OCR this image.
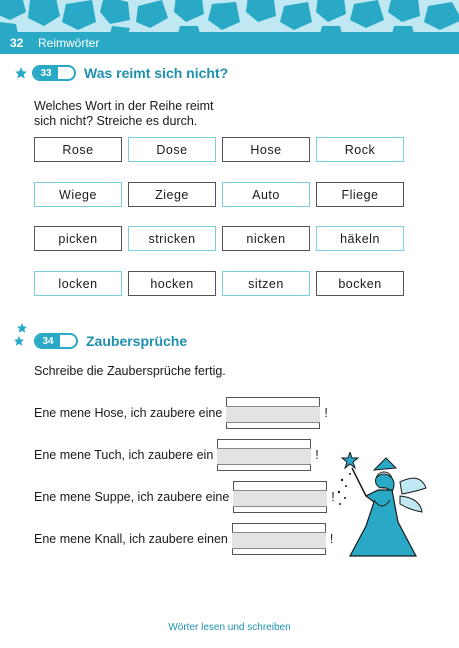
32	Reimwörter
33	Was reimt sich nicht?
Welches Wort in der Reihe reimt
sich nicht? Streiche es durch.
Rose	Dose	Hose	Rock
Wiege	Ziege	Auto	Fliege
picken	stricken	nicken	häkeln
locken	hocken	sitzen	bocken
34	Zaubersprüche
Schreibe die Zaubersprüche fertig.
Ene mene Hose, ich zaubere eine	!
Ene mene Tuch, ich zaubere ein	!
Ene mene Suppe, ich zaubere eine	!
Ene mene Knall, ich zaubere einen	!
Wörter lesen und schreiben
